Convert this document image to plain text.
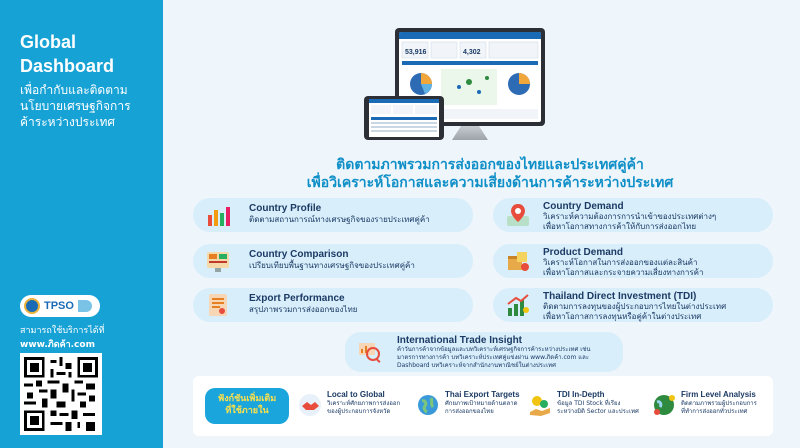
Global
Dashboard
เพื่อกำกับและติดตาม
นโยบายเศรษฐกิจการ
ค้าระหว่างประเทศ
TPSO
สามารถใช้บริการได้ที่
www.ภิดค้า.com
53,916	4,302
ติดตามภาพรวมการส่งออกของไทยและประเทศคู่ค้า
เพื่อวิเคราะห์โอกาสและความเสี่ยงด้านการค้าระหว่างประเทศ
Country Profile
ติดตามสถานการณ์ทางเศรษฐกิจของรายประเทศคู่ค้า
Country Comparison
เปรียบเทียบพื้นฐานทางเศรษฐกิจของประเทศคู่ค้า
Export Performance
สรุปภาพรวมการส่งออกของไทย
Country Demand
วิเคราะห์ความต้องการการนำเข้าของประเทศต่างๆ
เพื่อหาโอกาสทางการค้าให้กับการส่งออกไทย
Product Demand
วิเคราะห์โอกาสในการส่งออกของแต่ละสินค้า
เพื่อหาโอกาสและกระจายความเสี่ยงทางการค้า
Thailand Direct Investment (TDI)
ติดตามการลงทุนของผู้ประกอบการไทยในต่างประเทศ
เพื่อหาโอกาสการลงทุนหรือคู่ค้าในต่างประเทศ
International Trade Insight
ค้าวันการค้าจากข้อมูลและบทวิเคราะห์เศรษฐกิจการค้าระหว่างประเทศ เช่น
มาตรการทางการค้า บทวิเคราะห์ประเทศคู่แข่งผ่าน www.ภิดค้า.com และ
Dashboard บทวิเคราะห์จากสำนักงานพาณิชย์ในต่างประเทศ
ฟังก์ชันเพิ่มเติม
ที่ใช้ภายใน
Local to Global
วิเคราะห์ศักยภาพการส่งออก
ของผู้ประกอบการจังหวัด
Thai Export Targets
ศักยภาพเป้าหมายด้านตลาด
การส่งออกของไทย
TDI In-Depth
ข้อมูล TDI Stock ที่เรียง
ระหว่างมิติ Sector และประเทศ
Firm Level Analysis
ติดตามภาพรวมผู้ประกอบการ
ที่ทำการส่งออกทั่วประเทศ
